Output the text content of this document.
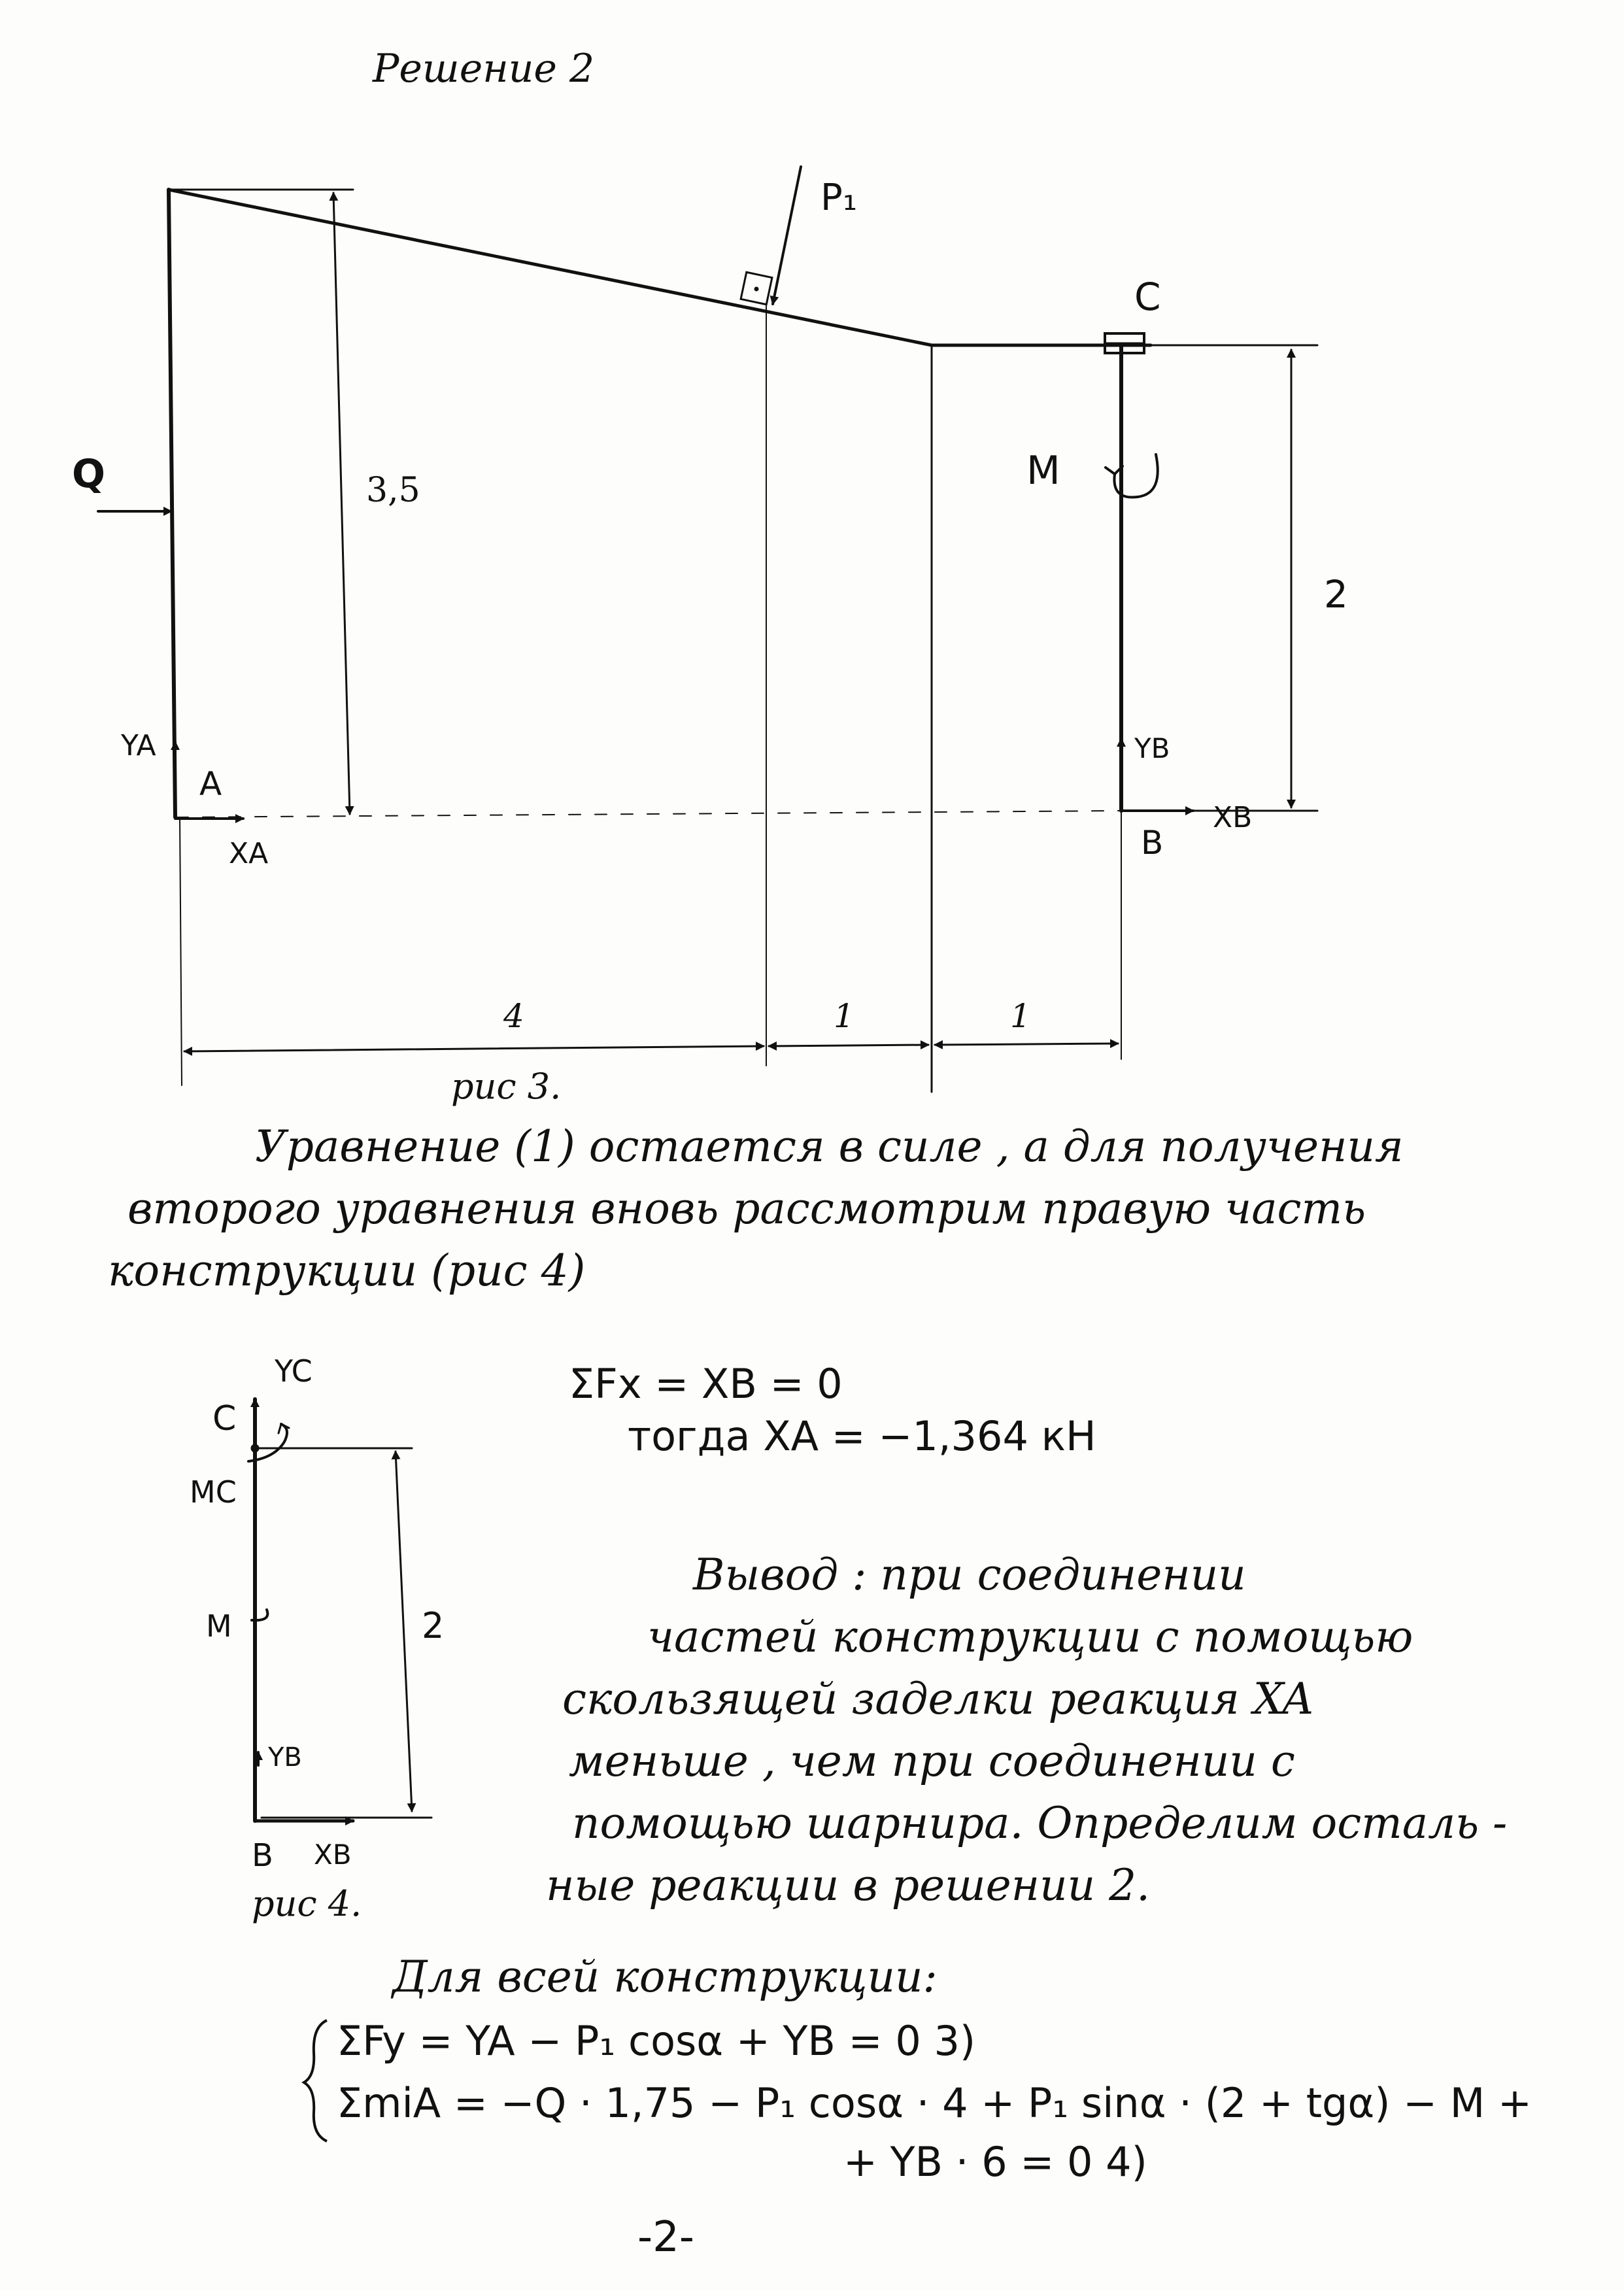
Решение 2
P₁
C
Q	3,5	M
2
YA
A
XA
YB
XB
B
4	1	1
рис 3.
Уравнение (1) остается в силе , а для получения
второго уравнения вновь рассмотрим правую часть
конструкции (рис 4)
YC
C
MC
M	2
YB
B XB
рис 4.
ΣFx = XB = 0
тогда XA = −1,364 кН
Вывод : при соединении
частей конструкции с помощью
скользящей заделки реакция XA
меньше , чем при соединении с
помощью шарнира. Определим осталь -
ные реакции в решении 2.
Для всей конструкции:
ΣFy = YA − P₁ cosα + YB = 0 3)
ΣmiA = −Q · 1,75 − P₁ cosα · 4 + P₁ sinα · (2 + tgα) − M +
+ YB · 6 = 0 4)
-2-
